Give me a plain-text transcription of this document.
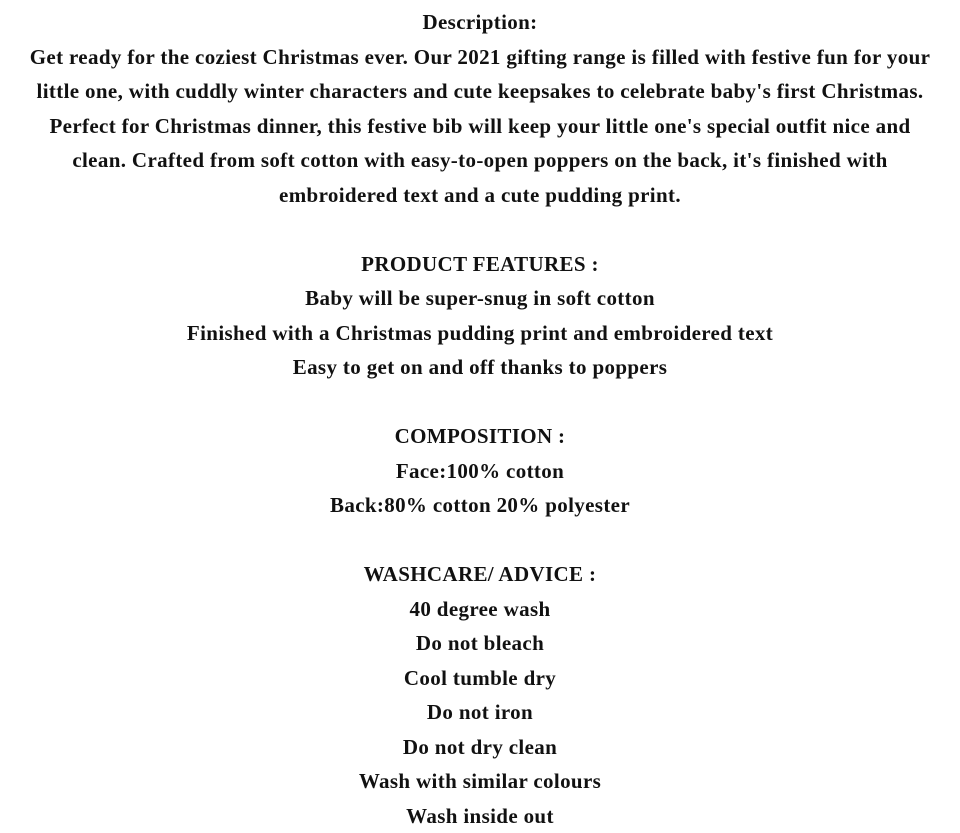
Description:
Get ready for the coziest Christmas ever. Our 2021 gifting range is filled with festive fun for your little one, with cuddly winter characters and cute keepsakes to celebrate baby's first Christmas. Perfect for Christmas dinner, this festive bib will keep your little one's special outfit nice and clean. Crafted from soft cotton with easy-to-open poppers on the back, it's finished with embroidered text and a cute pudding print.
PRODUCT FEATURES :
Baby will be super-snug in soft cotton
Finished with a Christmas pudding print and embroidered text
Easy to get on and off thanks to poppers
COMPOSITION :
Face:100% cotton
Back:80% cotton 20% polyester
WASHCARE/ ADVICE :
40 degree wash
Do not bleach
Cool tumble dry
Do not iron
Do not dry clean
Wash with similar colours
Wash inside out
